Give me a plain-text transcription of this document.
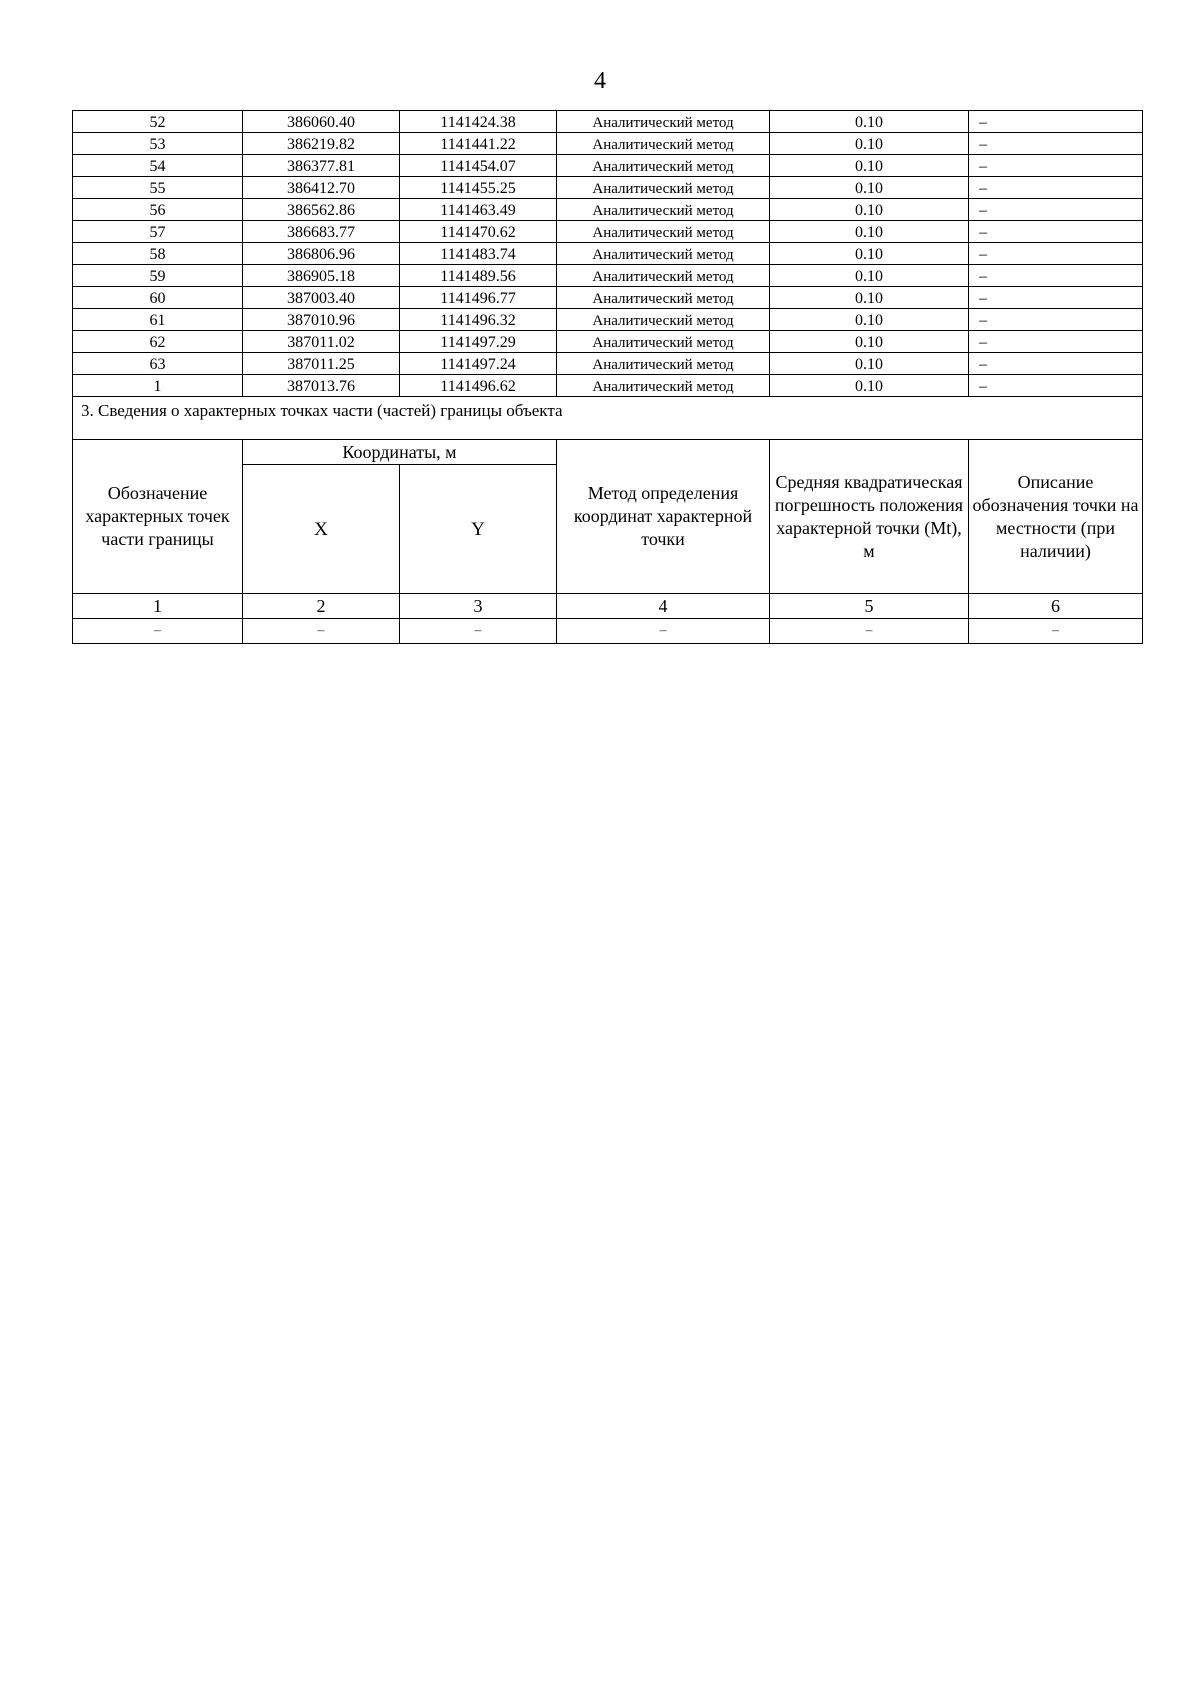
4
52	386060.40	1141424.38	Аналитический метод	0.10	–
53	386219.82	1141441.22	Аналитический метод	0.10	–
54	386377.81	1141454.07	Аналитический метод	0.10	–
55	386412.70	1141455.25	Аналитический метод	0.10	–
56	386562.86	1141463.49	Аналитический метод	0.10	–
57	386683.77	1141470.62	Аналитический метод	0.10	–
58	386806.96	1141483.74	Аналитический метод	0.10	–
59	386905.18	1141489.56	Аналитический метод	0.10	–
60	387003.40	1141496.77	Аналитический метод	0.10	–
61	387010.96	1141496.32	Аналитический метод	0.10	–
62	387011.02	1141497.29	Аналитический метод	0.10	–
63	387011.25	1141497.24	Аналитический метод	0.10	–
1	387013.76	1141496.62	Аналитический метод	0.10	–
3. Сведения о характерных точках части (частей) границы объекта					
Обозначение характерных точек части границы	Координаты, м		Метод определения координат характерной точки	Средняя квадратическая погрешность положения характерной точки (Mt), м	Описание обозначения точки на местности (при наличии)
	X	Y			
1	2	3	4	5	6
–	–	–	–	–	–
